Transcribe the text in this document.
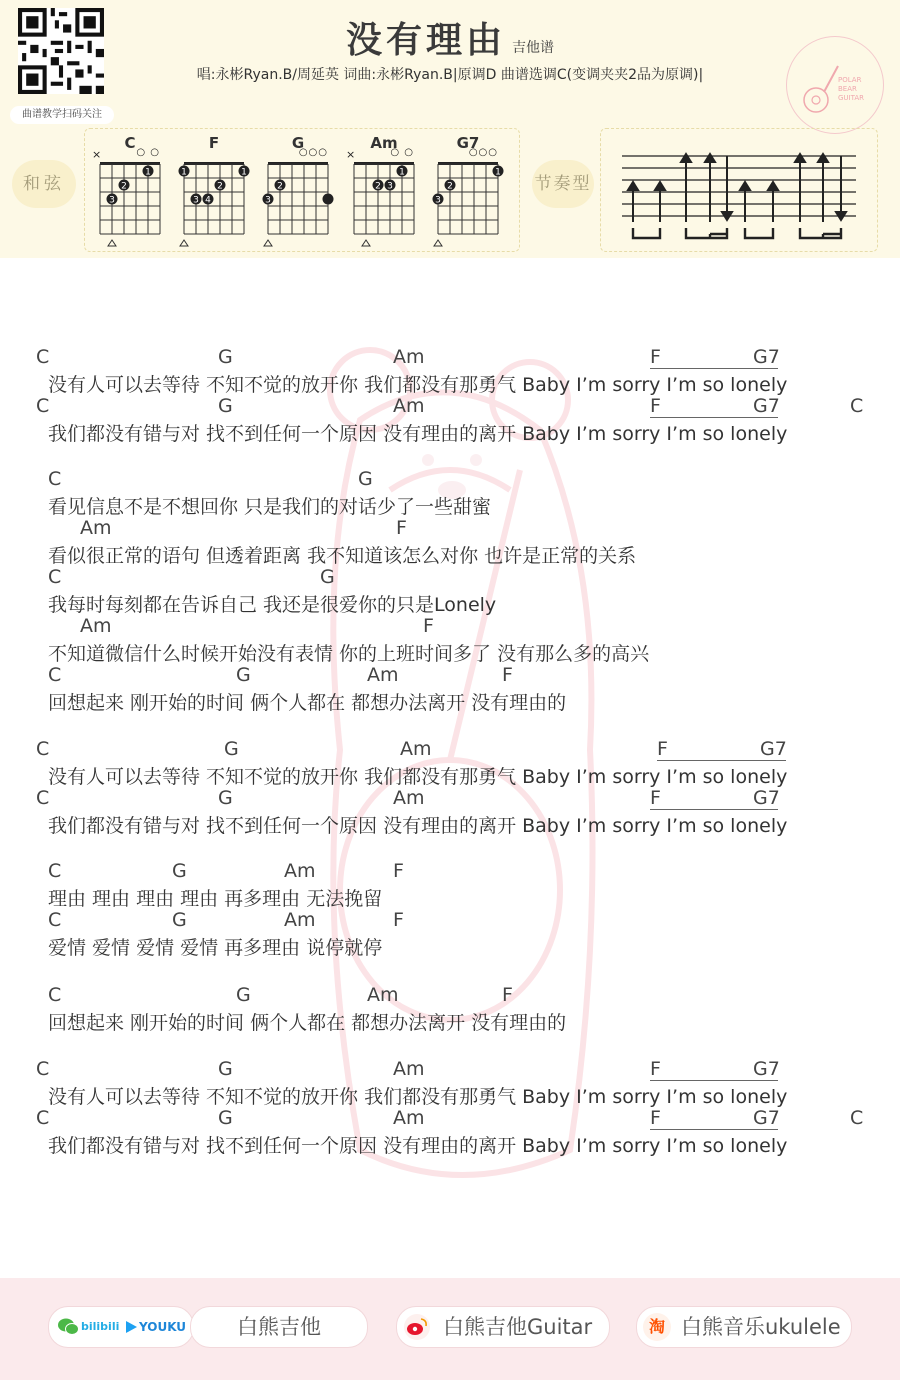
曲谱教学扫码关注
没有理由 吉他谱
唱:永彬Ryan.B/周延英 词曲:永彬Ryan.B|原调D 曲谱选调C(变调夹夹2品为原调)|	POLAR
BEAR
GUITAR
和弦
C
×	○ ○
1
2
3
F
1	1
2
3 4
G
○○○
2
3
Am
×	○ ○
1
2 3
G7
○○○
1
2
3
节奏型
C	G	Am	F	G7
没有人可以去等待 不知不觉的放开你 我们都没有那勇气 Baby I’m sorry I’m so lonely
C	G	Am	F	G7	C
我们都没有错与对 找不到任何一个原因 没有理由的离开 Baby I’m sorry I’m so lonely
C	G
看见信息不是不想回你 只是我们的对话少了一些甜蜜
Am	F
看似很正常的语句 但透着距离 我不知道该怎么对你 也许是正常的关系
C	G
我每时每刻都在告诉自己 我还是很爱你的只是Lonely
Am	F
不知道微信什么时候开始没有表情 你的上班时间多了 没有那么多的高兴
C	G	Am	F
回想起来 刚开始的时间 俩个人都在 都想办法离开 没有理由的
C	G	Am	F	G7
没有人可以去等待 不知不觉的放开你 我们都没有那勇气 Baby I’m sorry I’m so lonely
C	G	Am	F	G7
我们都没有错与对 找不到任何一个原因 没有理由的离开 Baby I’m sorry I’m so lonely
C	G	Am	F
理由 理由 理由 理由 再多理由 无法挽留
C	G	Am	F
爱情 爱情 爱情 爱情 再多理由 说停就停
C	G	Am	F
回想起来 刚开始的时间 俩个人都在 都想办法离开 没有理由的
C	G	Am	F	G7
没有人可以去等待 不知不觉的放开你 我们都没有那勇气 Baby I’m sorry I’m so lonely
C	G	Am	F	G7	C
我们都没有错与对 找不到任何一个原因 没有理由的离开 Baby I’m sorry I’m so lonely
bilibili YOUKU	白熊吉他	白熊吉他Guitar	淘 白熊音乐ukulele
